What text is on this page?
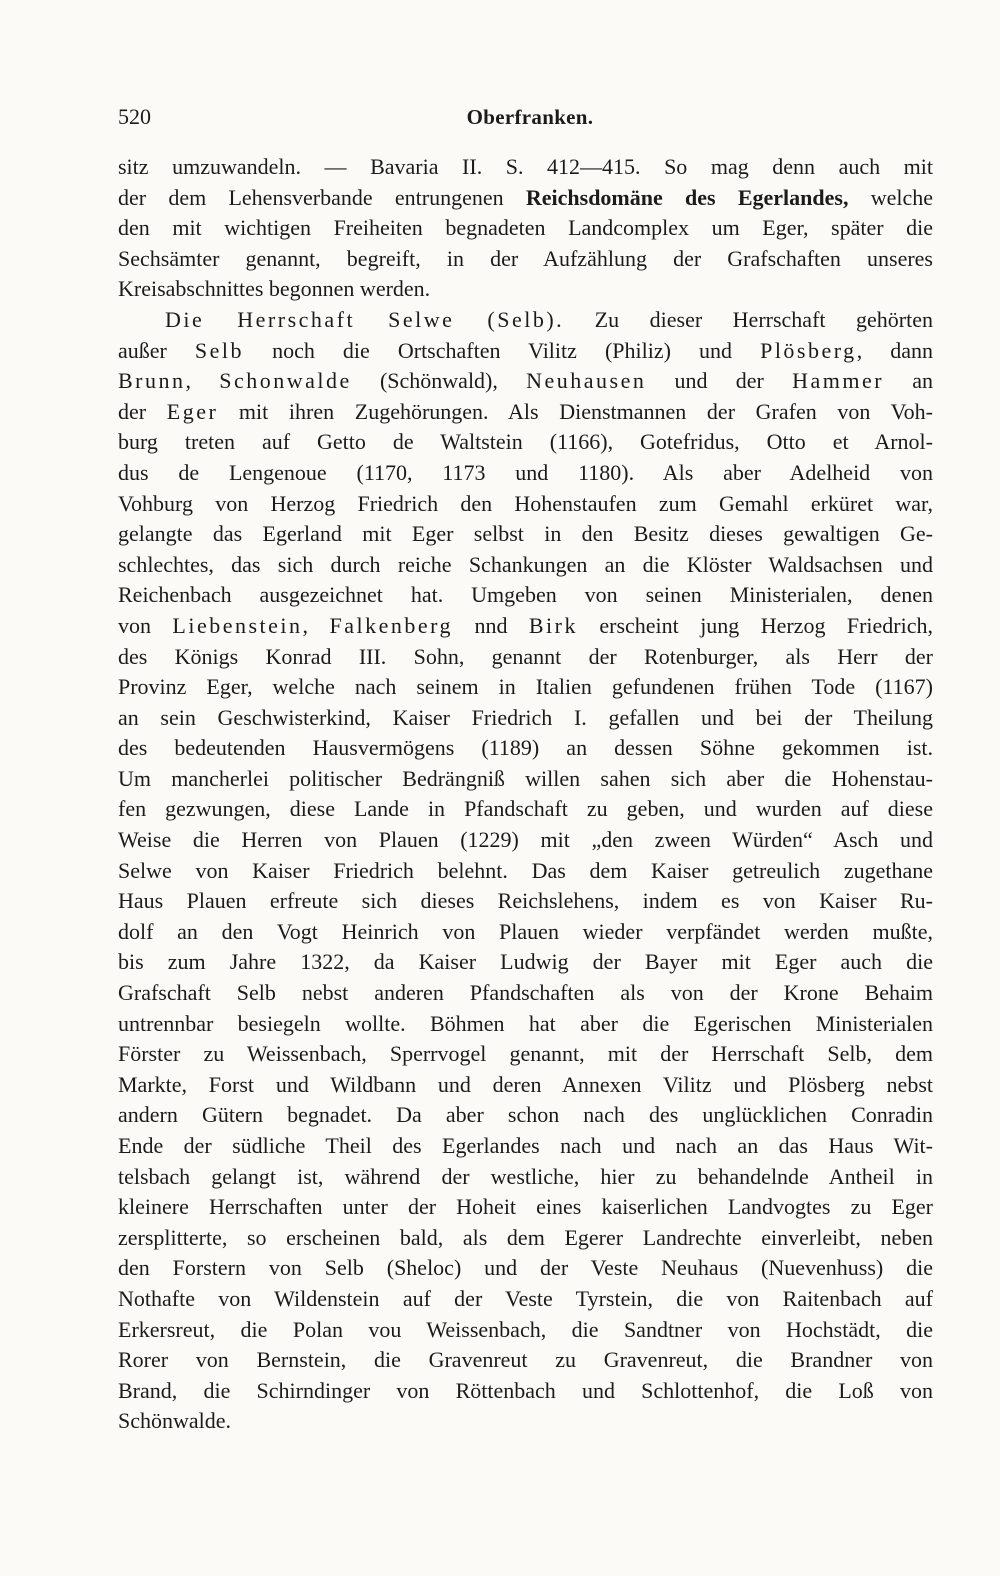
520	Oberfranken.
sitz umzuwandeln. — Bavaria II. S. 412—415. So mag denn auch mit
der dem Lehensverbande entrungenen Reichsdomäne des Egerlandes, welche
den mit wichtigen Freiheiten begnadeten Landcomplex um Eger, später die
Sechsämter genannt, begreift, in der Aufzählung der Grafschaften unseres
Kreisabschnittes begonnen werden.
Die Herrschaft Selwe (Selb). Zu dieser Herrschaft gehörten
außer Selb noch die Ortschaften Vilitz (Philiz) und Plösberg, dann
Brunn, Schonwalde (Schönwald), Neuhausen und der Hammer an
der Eger mit ihren Zugehörungen. Als Dienstmannen der Grafen von Voh-
burg treten auf Getto de Waltstein (1166), Gotefridus, Otto et Arnol-
dus de Lengenoue (1170, 1173 und 1180). Als aber Adelheid von
Vohburg von Herzog Friedrich den Hohenstaufen zum Gemahl erküret war,
gelangte das Egerland mit Eger selbst in den Besitz dieses gewaltigen Ge-
schlechtes, das sich durch reiche Schankungen an die Klöster Waldsachsen und
Reichenbach ausgezeichnet hat. Umgeben von seinen Ministerialen, denen
von Liebenstein, Falkenberg nnd Birk erscheint jung Herzog Friedrich,
des Königs Konrad III. Sohn, genannt der Rotenburger, als Herr der
Provinz Eger, welche nach seinem in Italien gefundenen frühen Tode (1167)
an sein Geschwisterkind, Kaiser Friedrich I. gefallen und bei der Theilung
des bedeutenden Hausvermögens (1189) an dessen Söhne gekommen ist.
Um mancherlei politischer Bedrängniß willen sahen sich aber die Hohenstau-
fen gezwungen, diese Lande in Pfandschaft zu geben, und wurden auf diese
Weise die Herren von Plauen (1229) mit „den zween Würden“ Asch und
Selwe von Kaiser Friedrich belehnt. Das dem Kaiser getreulich zugethane
Haus Plauen erfreute sich dieses Reichslehens, indem es von Kaiser Ru-
dolf an den Vogt Heinrich von Plauen wieder verpfändet werden mußte,
bis zum Jahre 1322, da Kaiser Ludwig der Bayer mit Eger auch die
Grafschaft Selb nebst anderen Pfandschaften als von der Krone Behaim
untrennbar besiegeln wollte. Böhmen hat aber die Egerischen Ministerialen
Förster zu Weissenbach, Sperrvogel genannt, mit der Herrschaft Selb, dem
Markte, Forst und Wildbann und deren Annexen Vilitz und Plösberg nebst
andern Gütern begnadet. Da aber schon nach des unglücklichen Conradin
Ende der südliche Theil des Egerlandes nach und nach an das Haus Wit-
telsbach gelangt ist, während der westliche, hier zu behandelnde Antheil in
kleinere Herrschaften unter der Hoheit eines kaiserlichen Landvogtes zu Eger
zersplitterte, so erscheinen bald, als dem Egerer Landrechte einverleibt, neben
den Forstern von Selb (Sheloc) und der Veste Neuhaus (Nuevenhuss) die
Nothafte von Wildenstein auf der Veste Tyrstein, die von Raitenbach auf
Erkersreut, die Polan vou Weissenbach, die Sandtner von Hochstädt, die
Rorer von Bernstein, die Gravenreut zu Gravenreut, die Brandner von
Brand, die Schirndinger von Röttenbach und Schlottenhof, die Loß von
Schönwalde.
